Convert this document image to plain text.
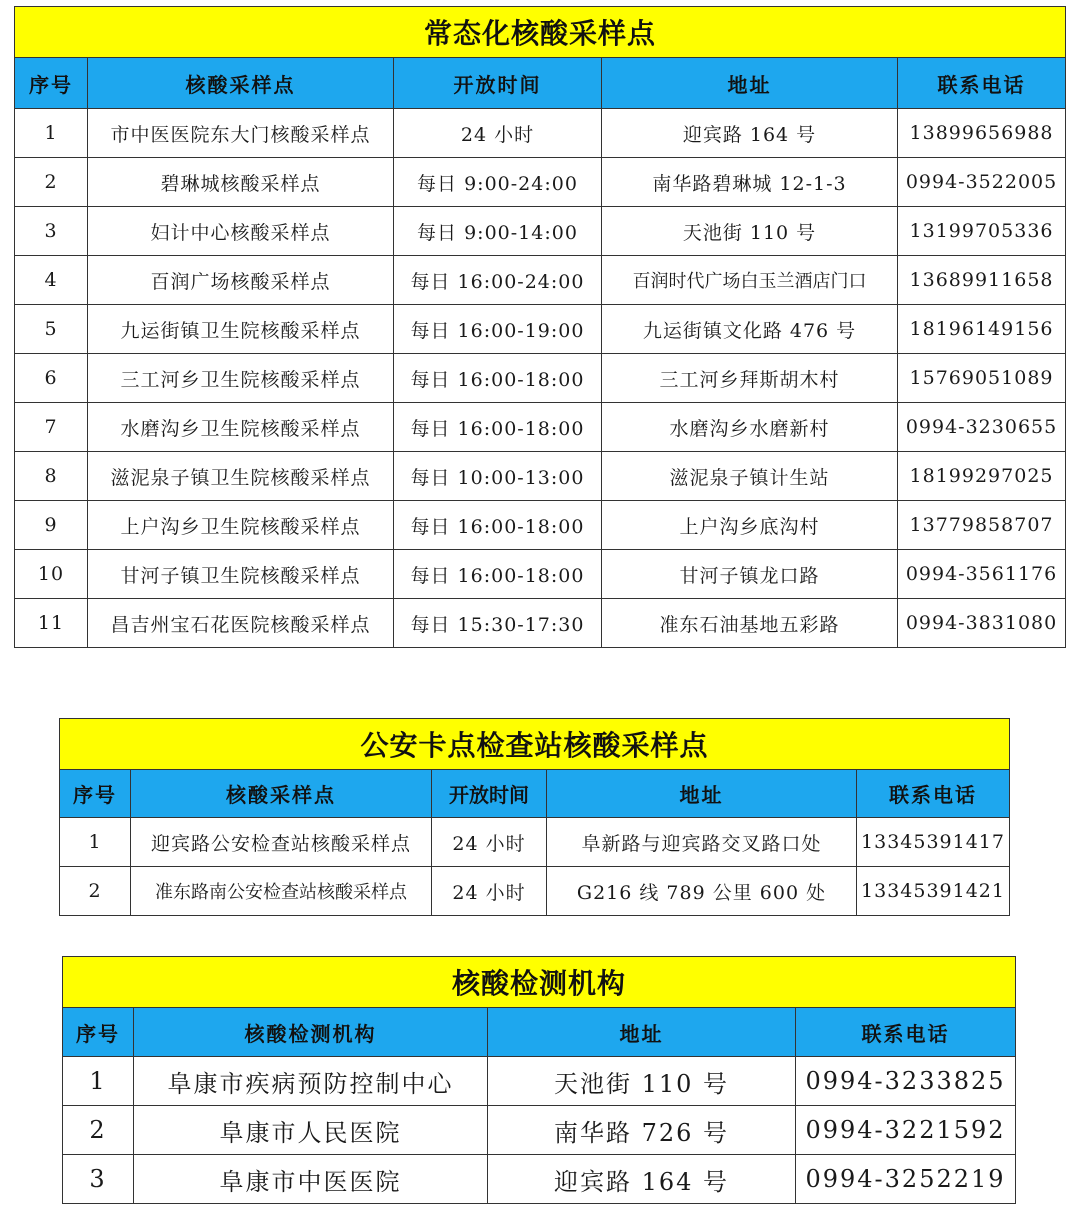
常态化核酸采样点				
序号	核酸采样点	开放时间	地址	联系电话
1	市中医医院东大门核酸采样点	24 小时	迎宾路 164 号	13899656988
2	碧琳城核酸采样点	每日 9:00-24:00	南华路碧琳城 12-1-3	0994-3522005
3	妇计中心核酸采样点	每日 9:00-14:00	天池街 110 号	13199705336
4	百润广场核酸采样点	每日 16:00-24:00	百润时代广场白玉兰酒店门口	13689911658
5	九运街镇卫生院核酸采样点	每日 16:00-19:00	九运街镇文化路 476 号	18196149156
6	三工河乡卫生院核酸采样点	每日 16:00-18:00	三工河乡拜斯胡木村	15769051089
7	水磨沟乡卫生院核酸采样点	每日 16:00-18:00	水磨沟乡水磨新村	0994-3230655
8	滋泥泉子镇卫生院核酸采样点	每日 10:00-13:00	滋泥泉子镇计生站	18199297025
9	上户沟乡卫生院核酸采样点	每日 16:00-18:00	上户沟乡底沟村	13779858707
10	甘河子镇卫生院核酸采样点	每日 16:00-18:00	甘河子镇龙口路	0994-3561176
11	昌吉州宝石花医院核酸采样点	每日 15:30-17:30	准东石油基地五彩路	0994-3831080
公安卡点检查站核酸采样点				
序号	核酸采样点	开放时间	地址	联系电话
1	迎宾路公安检查站核酸采样点	24 小时	阜新路与迎宾路交叉路口处	13345391417
2	准东路南公安检查站核酸采样点	24 小时	G216 线 789 公里 600 处	13345391421
核酸检测机构			
序号	核酸检测机构	地址	联系电话
1	阜康市疾病预防控制中心	天池街 110 号	0994-3233825
2	阜康市人民医院	南华路 726 号	0994-3221592
3	阜康市中医医院	迎宾路 164 号	0994-3252219
